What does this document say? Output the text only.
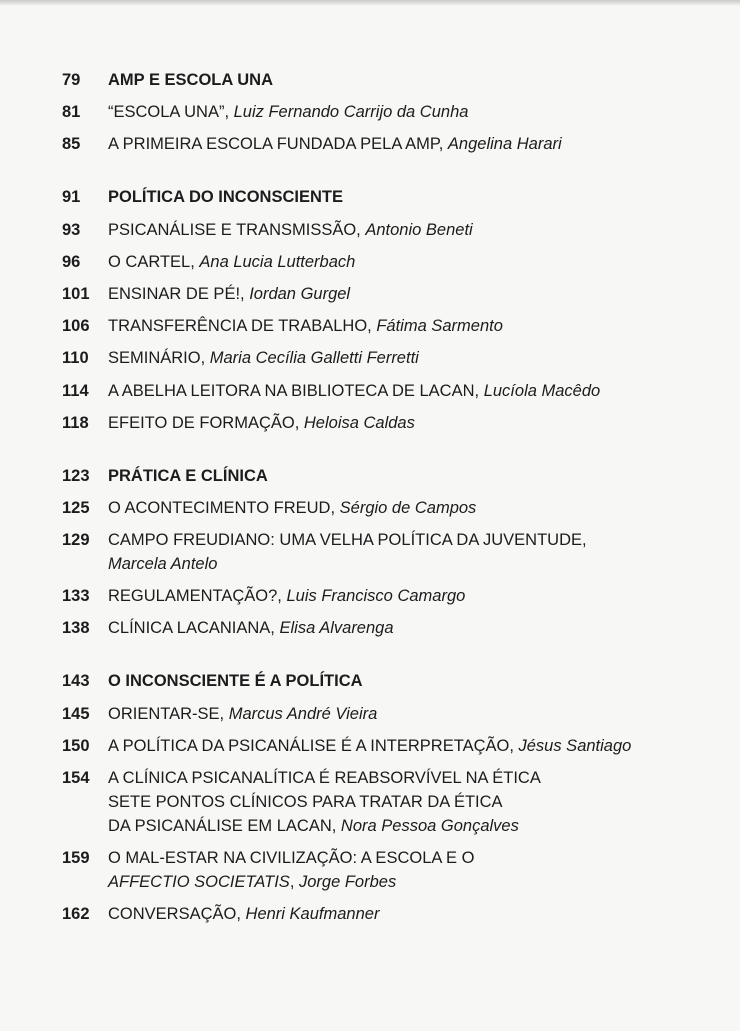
79	AMP E ESCOLA UNA
81	“ESCOLA UNA”, Luiz Fernando Carrijo da Cunha
85	A PRIMEIRA ESCOLA FUNDADA PELA AMP, Angelina Harari
91	POLÍTICA DO INCONSCIENTE
93	PSICANÁLISE E TRANSMISSÃO, Antonio Beneti
96	O CARTEL, Ana Lucia Lutterbach
101	ENSINAR DE PÉ!, Iordan Gurgel
106	TRANSFERÊNCIA DE TRABALHO, Fátima Sarmento
110	SEMINÁRIO, Maria Cecília Galletti Ferretti
114	A ABELHA LEITORA NA BIBLIOTECA DE LACAN, Lucíola Macêdo
118	EFEITO DE FORMAÇÃO, Heloisa Caldas
123	PRÁTICA E CLÍNICA
125	O ACONTECIMENTO FREUD, Sérgio de Campos
129	CAMPO FREUDIANO: UMA VELHA POLÍTICA DA JUVENTUDE,
Marcela Antelo
133	REGULAMENTAÇÃO?, Luis Francisco Camargo
138	CLÍNICA LACANIANA, Elisa Alvarenga
143	O INCONSCIENTE É A POLÍTICA
145	ORIENTAR-SE, Marcus André Vieira
150	A POLÍTICA DA PSICANÁLISE É A INTERPRETAÇÃO, Jésus Santiago
154	A CLÍNICA PSICANALÍTICA É REABSORVÍVEL NA ÉTICA
SETE PONTOS CLÍNICOS PARA TRATAR DA ÉTICA
DA PSICANÁLISE EM LACAN, Nora Pessoa Gonçalves
159	O MAL-ESTAR NA CIVILIZAÇÃO: A ESCOLA E O
AFFECTIO SOCIETATIS, Jorge Forbes
162	CONVERSAÇÃO, Henri Kaufmanner
